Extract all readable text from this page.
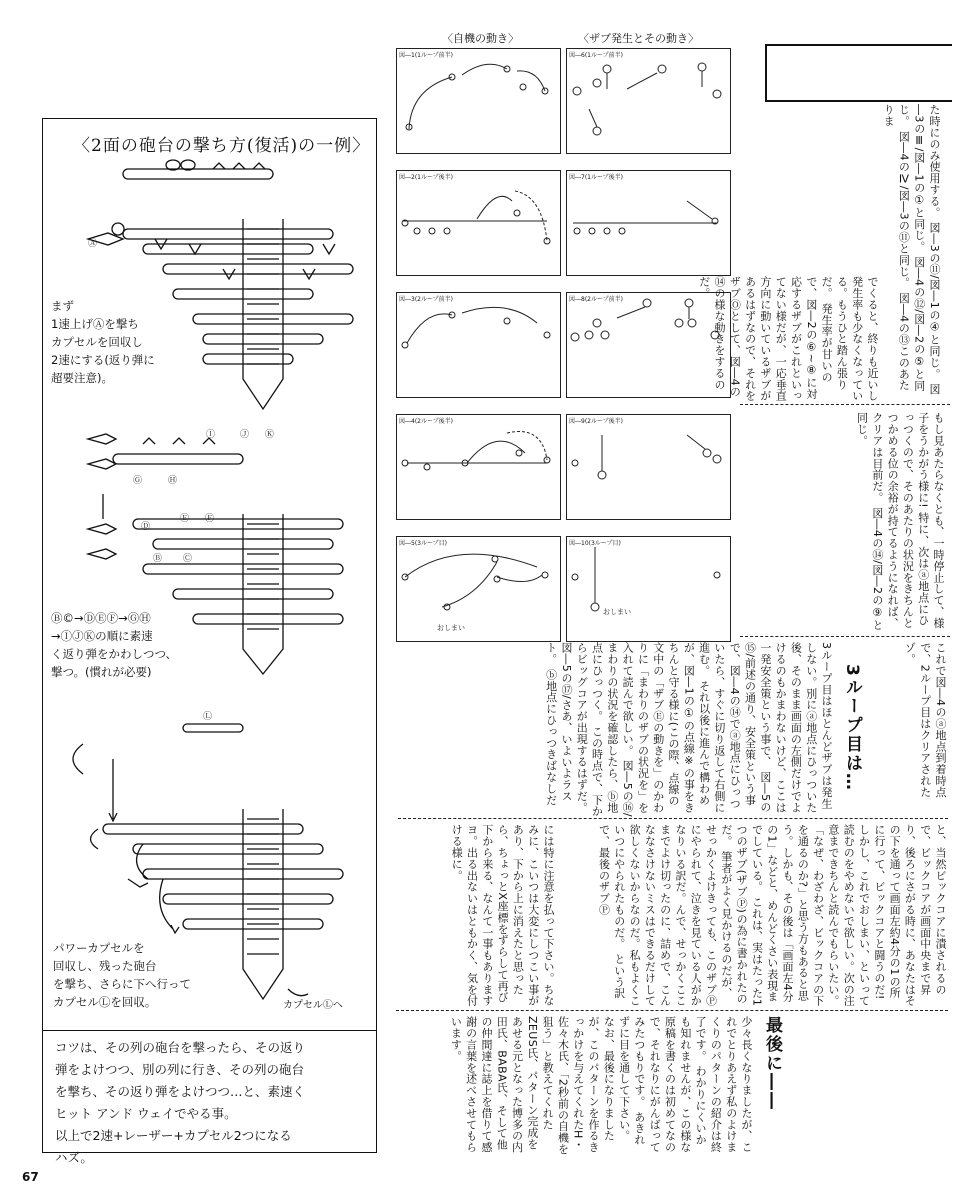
〈2面の砲台の撃ち方(復活)の一例〉
Ⓐ
Ⓘ	Ⓙ Ⓚ
Ⓖ	Ⓗ
Ⓓ
Ⓔ Ⓕ
Ⓑ Ⓒ
Ⓛ
まず
1速上げⒶを撃ち
カプセルを回収し
2速にする(返り弾に
超要注意)。
Ⓑ©→ⒹⒺⒻ→ⒼⒽ
→ⒾⒿⓀの順に素速
く返り弾をかわしつつ、
撃つ。(慣れが必要)
パワーカプセルを
回収し、残った砲台
を撃ち、さらに下へ行って
カプセルⓁを回収。	カプセルⓁへ
コツは、その列の砲台を撃ったら、その返り
弾をよけつつ、別の列に行き、その列の砲台
を撃ち、その返り弾をよけつつ…と、素速く
ヒット アンド ウェイでやる事。
以上で2速+レーザー+カプセル2つになる
ハズ。
〈自機の動き〉	〈ザブ発生とその動き〉
図―1(1ループ前半)
図―2(1ループ後半)
図―3(2ループ前半)
図―4(2ループ後半)
図―5(3ループ目)
おしまい
図―6(1ループ前半)
図―7(1ループ後半)
図―8(2ループ前半)
図―9(2ループ後半)
図―10(3ループ目)
おしまい
た時にのみ使用する。 図―3の⑪/図―1の④と同じ。 図―3のⅢ/図―1の①と同じ。 図―4の⑫/図―2の⑤と同じ。 図―4のⅣ/図―3の⑪と同じ。 図―4の⑬このあたりま
でくると、終りも近いし発生率も少なくなっている。もうひと踏ん張りだ。 発生率が甘いので、図―2の⑥~⑧に対応するザブがこれといってない様だが、一応垂直方向に動いているザブがあるはずなので、それをザブⓄとして、図―4の⑭の様な動きをするのだ。
もし見あたらなくとも、一時停止して、様子をうかがう様に! 特に、次はⓐ地点にひっつくので、そのあたりの状況をきちんとつかめる位の余裕が持てるようになれば、クリアは目前だ。 図―4の⑭/図―2の⑨と同じ。
これで図―4のⓐ地点到着時点で、2ループ目はクリアされたゾ。
3ループ目は…
3ループ目はほとんどザブは発生しない。別にⓐ地点にひっついた後、そのまま画面の左側だけでよけるのもかまわないけど、ここは一発安全策という事で、 図―5の⑮/前述の通り、安全策という事で、図―4の⑭でⓐ地点にひっついたら、すぐに切り返して右側に進む。 それ以後に進んで構わめが、図―1の①の点線※の事をきちんと守る様に(この際、点線の文中の「ザブⒺの動きを」のかわりに「まわりのザブの状況を」を入れて読んで欲しい。 図―5の⑯/まわりの状況を確認したら、ⓑ地点にひっつく。 この時点で、下からビッグコアが出現するはずだ。 図―5の⑰/さあ、いよいよラスト。 ⓑ地点にひっつきばなしだ
と、当然ビックコアに潰されるので、ビックコアが画面中央まで昇り、後ろにさがる時に、あなたはその下を通って画面左約4分の1の所に行って、ビックコアと闘うのだ! しかし、これでおしまい、といって読むのをやめないで欲しい。次の注意まできちんと読んでもらいたい。 「なぜ、わざわざ、ビックコアの下を通るのか?」と思う方もあると思う。しかも、その後は「画面左4分の1」などと、めんどくさい表現までしている。 これは、実はたった1つのザブ(ザブⓅ)の為に書かれたのだ。 筆者がよく見かけるのだが、せっかくよけきっても、このザブⓅにやられて、泣きを見ている人がかなりいる訳だ。んで、せっかくここまでよけ切ったのに、詰めで、こんななさけないミスはできるだけして欲しくないからなのだ。私もよくこいつにやられたものだ。 という訳で、最後のザブⓅ
には特に注意を払って下さい。ちなみに、こいつは大変にしつこい事があり、下から上に消えたと思ったら、ちょっとX座標をずらして再び下から来る、なんて一事もありますヨ。出る出ないはともかく、気を付ける様に。
最後に――
少々長くなりましたが、これでとりあえず私のよけまくりのパターンの紹介は終了です。 わかりにくいかも知れませんが、この様な原稿を書くのは初めてなので、それなりにがんばってみたつもりです。 あきれずに目を通して下さい。 なお、最後になりましたが、このパターンを作るきっかけを与えてくれたH・佐々木氏、「2秒前の自機を狙う」と教えてくれたZEUS氏、パターン完成をあせる元となった博多の内田氏、BABA氏、そして他の仲間達に誌上を借りて感謝の言葉を述べさせてもらいます。
67
